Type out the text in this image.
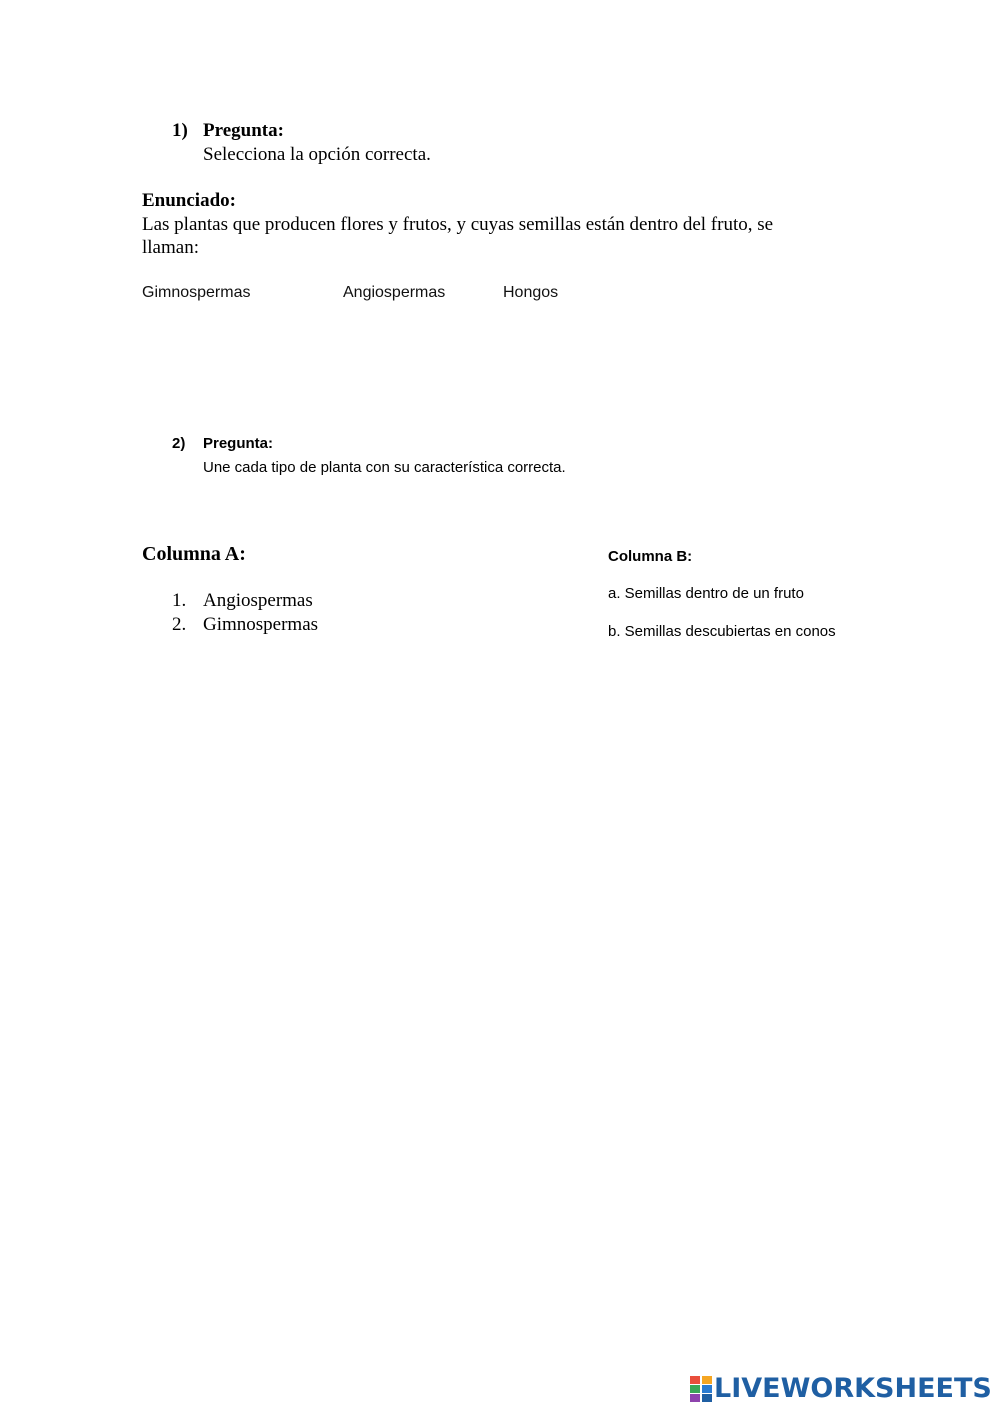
1) Pregunta:
Selecciona la opción correcta.
Enunciado:
Las plantas que producen flores y frutos, y cuyas semillas están dentro del fruto, se llaman:
Gimnospermas	Angiospermas	Hongos
2) Pregunta:
Une cada tipo de planta con su característica correcta.
Columna A:
1. Angiospermas
2. Gimnospermas
Columna B:
a. Semillas dentro de un fruto
b. Semillas descubiertas en conos
LIVEWORKSHEETS
